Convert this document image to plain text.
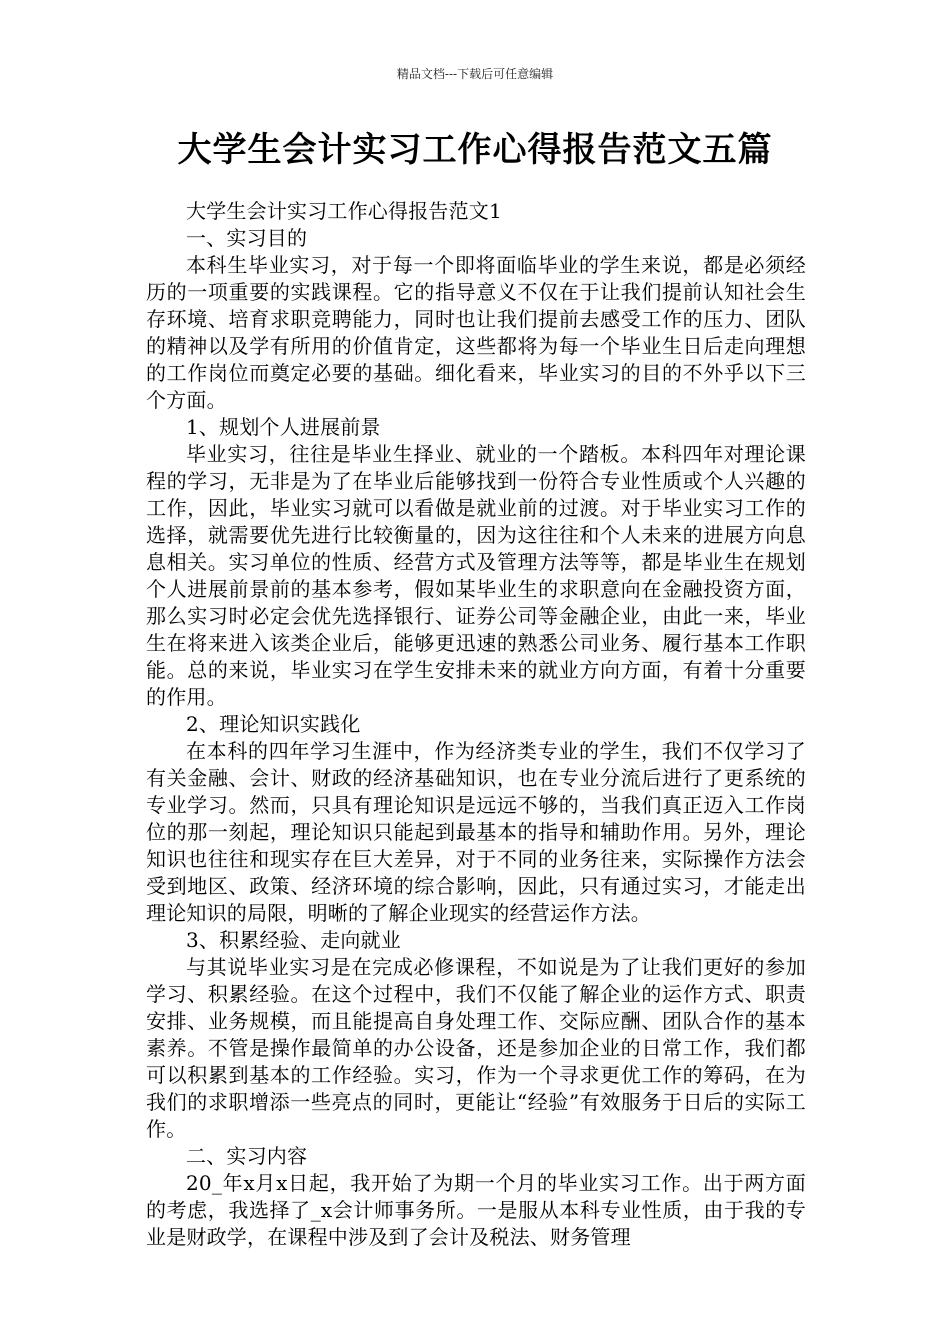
精品文档---下载后可任意编辑
大学生会计实习工作心得报告范文五篇

大学生会计实习工作心得报告范文1

一、实习目的

本科生毕业实习，对于每一个即将面临毕业的学生来说，都是必须经历的一项重要的实践课程。它的指导意义不仅在于让我们提前认知社会生存环境、培育求职竞聘能力，同时也让我们提前去感受工作的压力、团队的精神以及学有所用的价值肯定，这些都将为每一个毕业生日后走向理想的工作岗位而奠定必要的基础。细化看来，毕业实习的目的不外乎以下三个方面。

1、规划个人进展前景

毕业实习，往往是毕业生择业、就业的一个踏板。本科四年对理论课程的学习，无非是为了在毕业后能够找到一份符合专业性质或个人兴趣的工作，因此，毕业实习就可以看做是就业前的过渡。对于毕业实习工作的选择，就需要优先进行比较衡量的，因为这往往和个人未来的进展方向息息相关。实习单位的性质、经营方式及管理方法等等，都是毕业生在规划个人进展前景前的基本参考，假如某毕业生的求职意向在金融投资方面，那么实习时必定会优先选择银行、证券公司等金融企业，由此一来，毕业生在将来进入该类企业后，能够更迅速的熟悉公司业务、履行基本工作职能。总的来说，毕业实习在学生安排未来的就业方向方面，有着十分重要的作用。

2、理论知识实践化

在本科的四年学习生涯中，作为经济类专业的学生，我们不仅学习了有关金融、会计、财政的经济基础知识，也在专业分流后进行了更系统的专业学习。然而，只具有理论知识是远远不够的，当我们真正迈入工作岗位的那一刻起，理论知识只能起到最基本的指导和辅助作用。另外，理论知识也往往和现实存在巨大差异，对于不同的业务往来，实际操作方法会受到地区、政策、经济环境的综合影响，因此，只有通过实习，才能走出理论知识的局限，明晰的了解企业现实的经营运作方法。

3、积累经验、走向就业

与其说毕业实习是在完成必修课程，不如说是为了让我们更好的参加学习、积累经验。在这个过程中，我们不仅能了解企业的运作方式、职责安排、业务规模，而且能提高自身处理工作、交际应酬、团队合作的基本素养。不管是操作最简单的办公设备，还是参加企业的日常工作，我们都可以积累到基本的工作经验。实习，作为一个寻求更优工作的筹码，在为我们的求职增添一些亮点的同时，更能让“经验”有效服务于日后的实际工作。

二、实习内容

20_年x月x日起，我开始了为期一个月的毕业实习工作。出于两方面的考虑，我选择了_x会计师事务所。一是服从本科专业性质，由于我的专业是财政学，在课程中涉及到了会计及税法、财务管理
